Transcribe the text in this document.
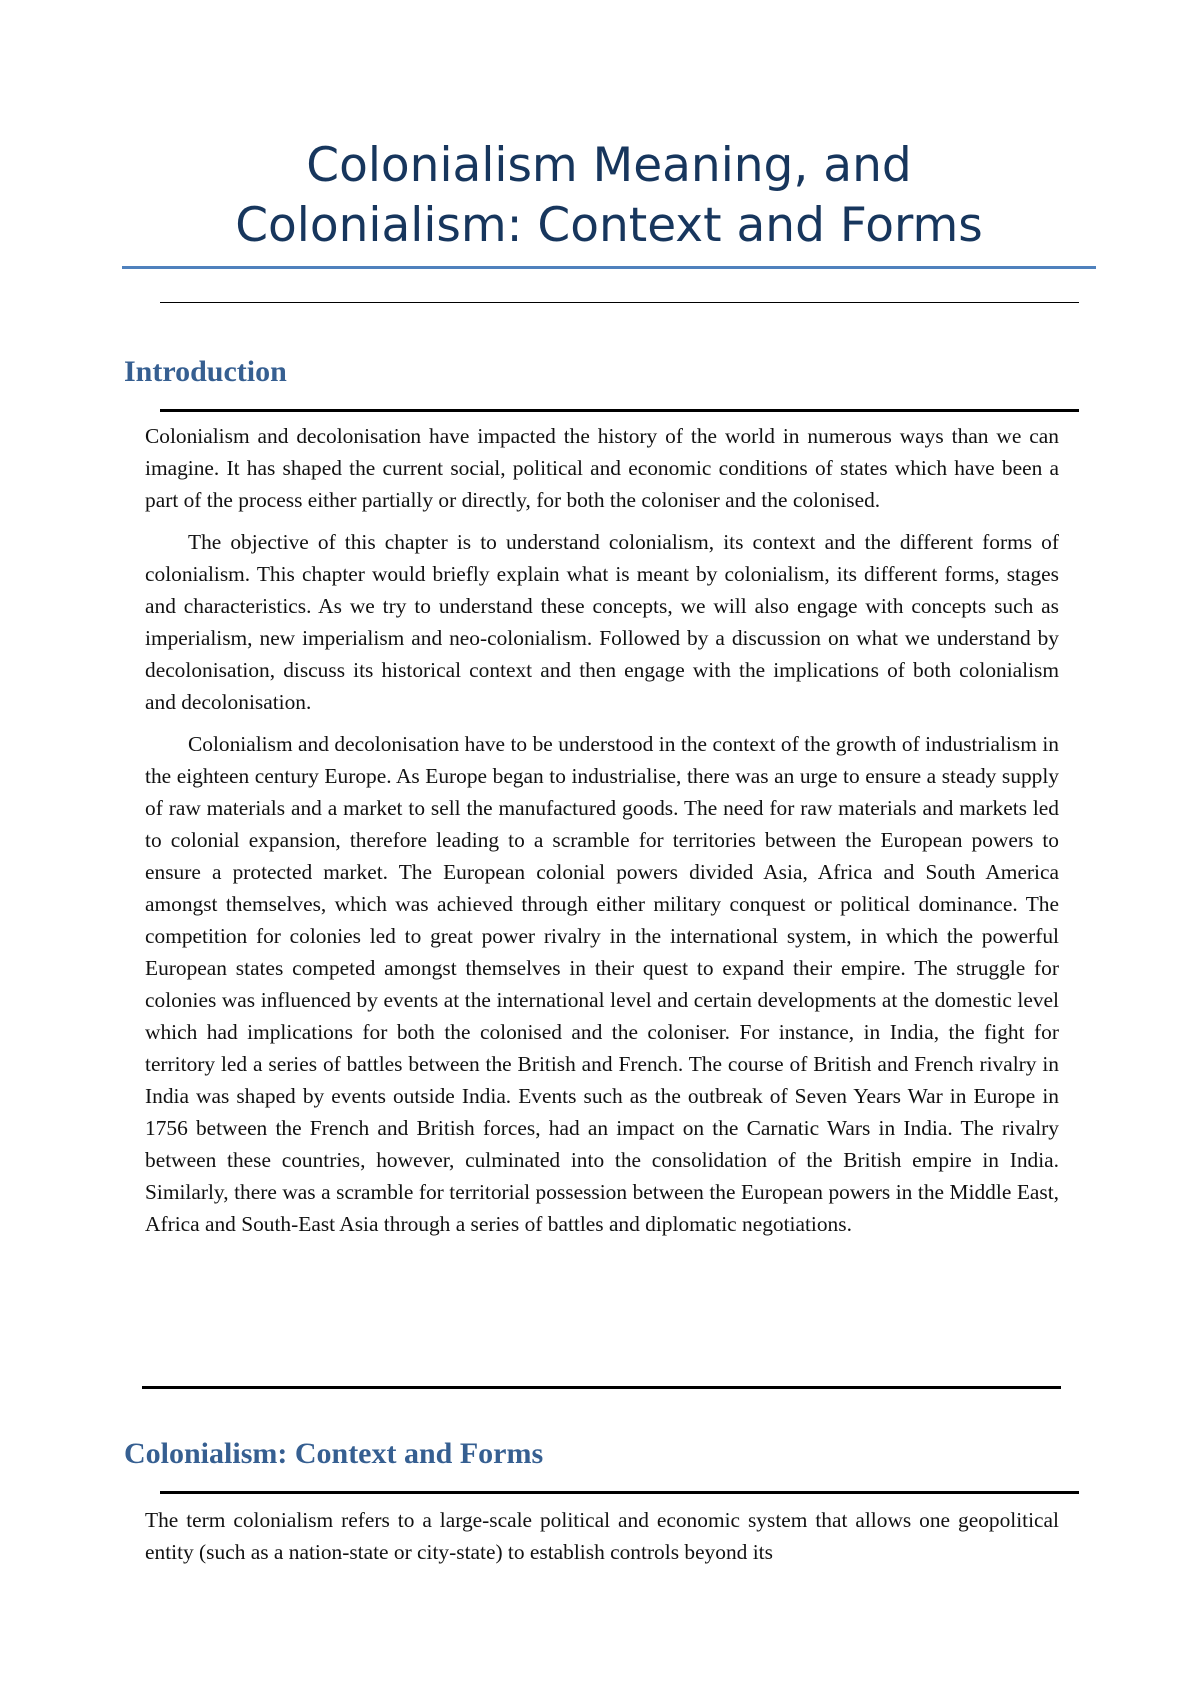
Colonialism Meaning, and
Colonialism: Context and Forms
Introduction

Colonialism and decolonisation have impacted the history of the world in numerous ways than we can imagine. It has shaped the current social, political and economic conditions of states which have been a part of the process either partially or directly, for both the coloniser and the colonised.

The objective of this chapter is to understand colonialism, its context and the different forms of colonialism. This chapter would briefly explain what is meant by colonialism, its different forms, stages and characteristics. As we try to understand these concepts, we will also engage with concepts such as imperialism, new imperialism and neo-colonialism. Followed by a discussion on what we understand by decolonisation, discuss its historical context and then engage with the implications of both colonialism and decolonisation.

Colonialism and decolonisation have to be understood in the context of the growth of industrialism in the eighteen century Europe. As Europe began to industrialise, there was an urge to ensure a steady supply of raw materials and a market to sell the manufactured goods. The need for raw materials and markets led to colonial expansion, therefore leading to a scramble for territories between the European powers to ensure a protected market. The European colonial powers divided Asia, Africa and South America amongst themselves, which was achieved through either military conquest or political dominance. The competition for colonies led to great power rivalry in the international system, in which the powerful European states competed amongst themselves in their quest to expand their empire. The struggle for colonies was influenced by events at the international level and certain developments at the domestic level which had implications for both the colonised and the coloniser. For instance, in India, the fight for territory led a series of battles between the British and French. The course of British and French rivalry in India was shaped by events outside India. Events such as the outbreak of Seven Years War in Europe in 1756 between the French and British forces, had an impact on the Carnatic Wars in India. The rivalry between these countries, however, culminated into the consolidation of the British empire in India. Similarly, there was a scramble for territorial possession between the European powers in the Middle East, Africa and South-East Asia through a series of battles and diplomatic negotiations.

Colonialism: Context and Forms

The term colonialism refers to a large-scale political and economic system that allows one geopolitical entity (such as a nation-state or city-state) to establish controls beyond its
